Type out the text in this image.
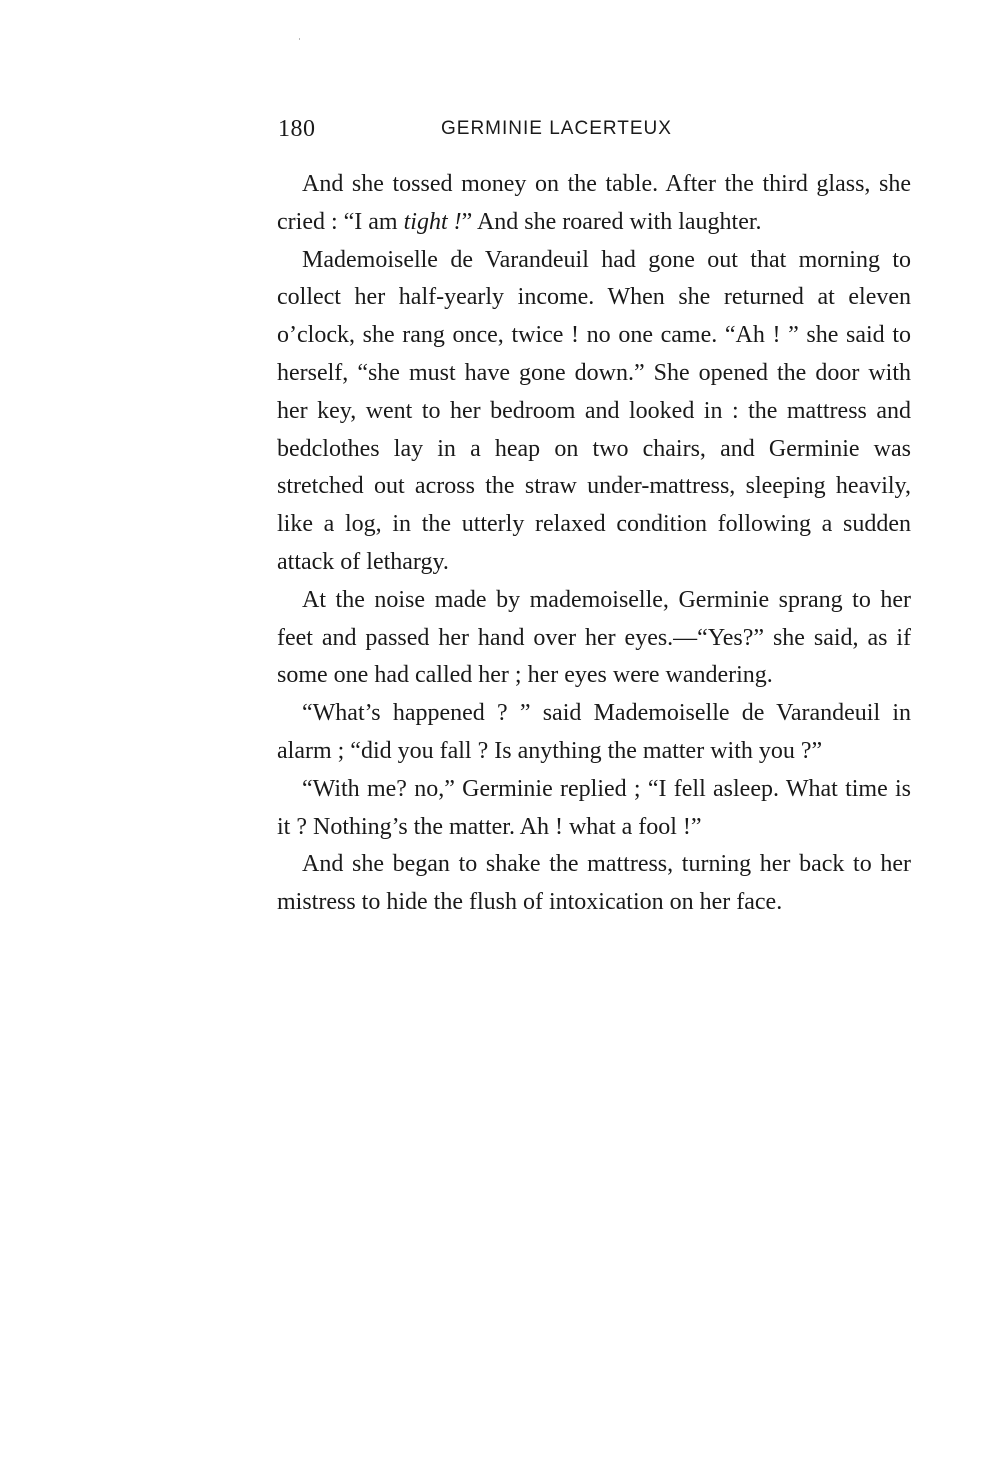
180	GERMINIE LACERTEUX

And she tossed money on the table. After the third glass, she cried : “I am tight !” And she roared with laughter.

Mademoiselle de Varandeuil had gone out that morning to collect her half-yearly income. When she returned at eleven o’clock, she rang once, twice ! no one came. “Ah ! ” she said to herself, “she must have gone down.” She opened the door with her key, went to her bedroom and looked in : the mattress and bedclothes lay in a heap on two chairs, and Germinie was stretched out across the straw under-mattress, sleeping heavily, like a log, in the utterly relaxed condition following a sudden attack of lethargy.

At the noise made by mademoiselle, Germinie sprang to her feet and passed her hand over her eyes.—“Yes?” she said, as if some one had called her ; her eyes were wandering.

“What’s happened ? ” said Mademoiselle de Varandeuil in alarm ; “did you fall ? Is anything the matter with you ?”

“With me? no,” Germinie replied ; “I fell asleep. What time is it ? Nothing’s the matter. Ah ! what a fool !”

And she began to shake the mattress, turning her back to her mistress to hide the flush of intoxication on her face.
